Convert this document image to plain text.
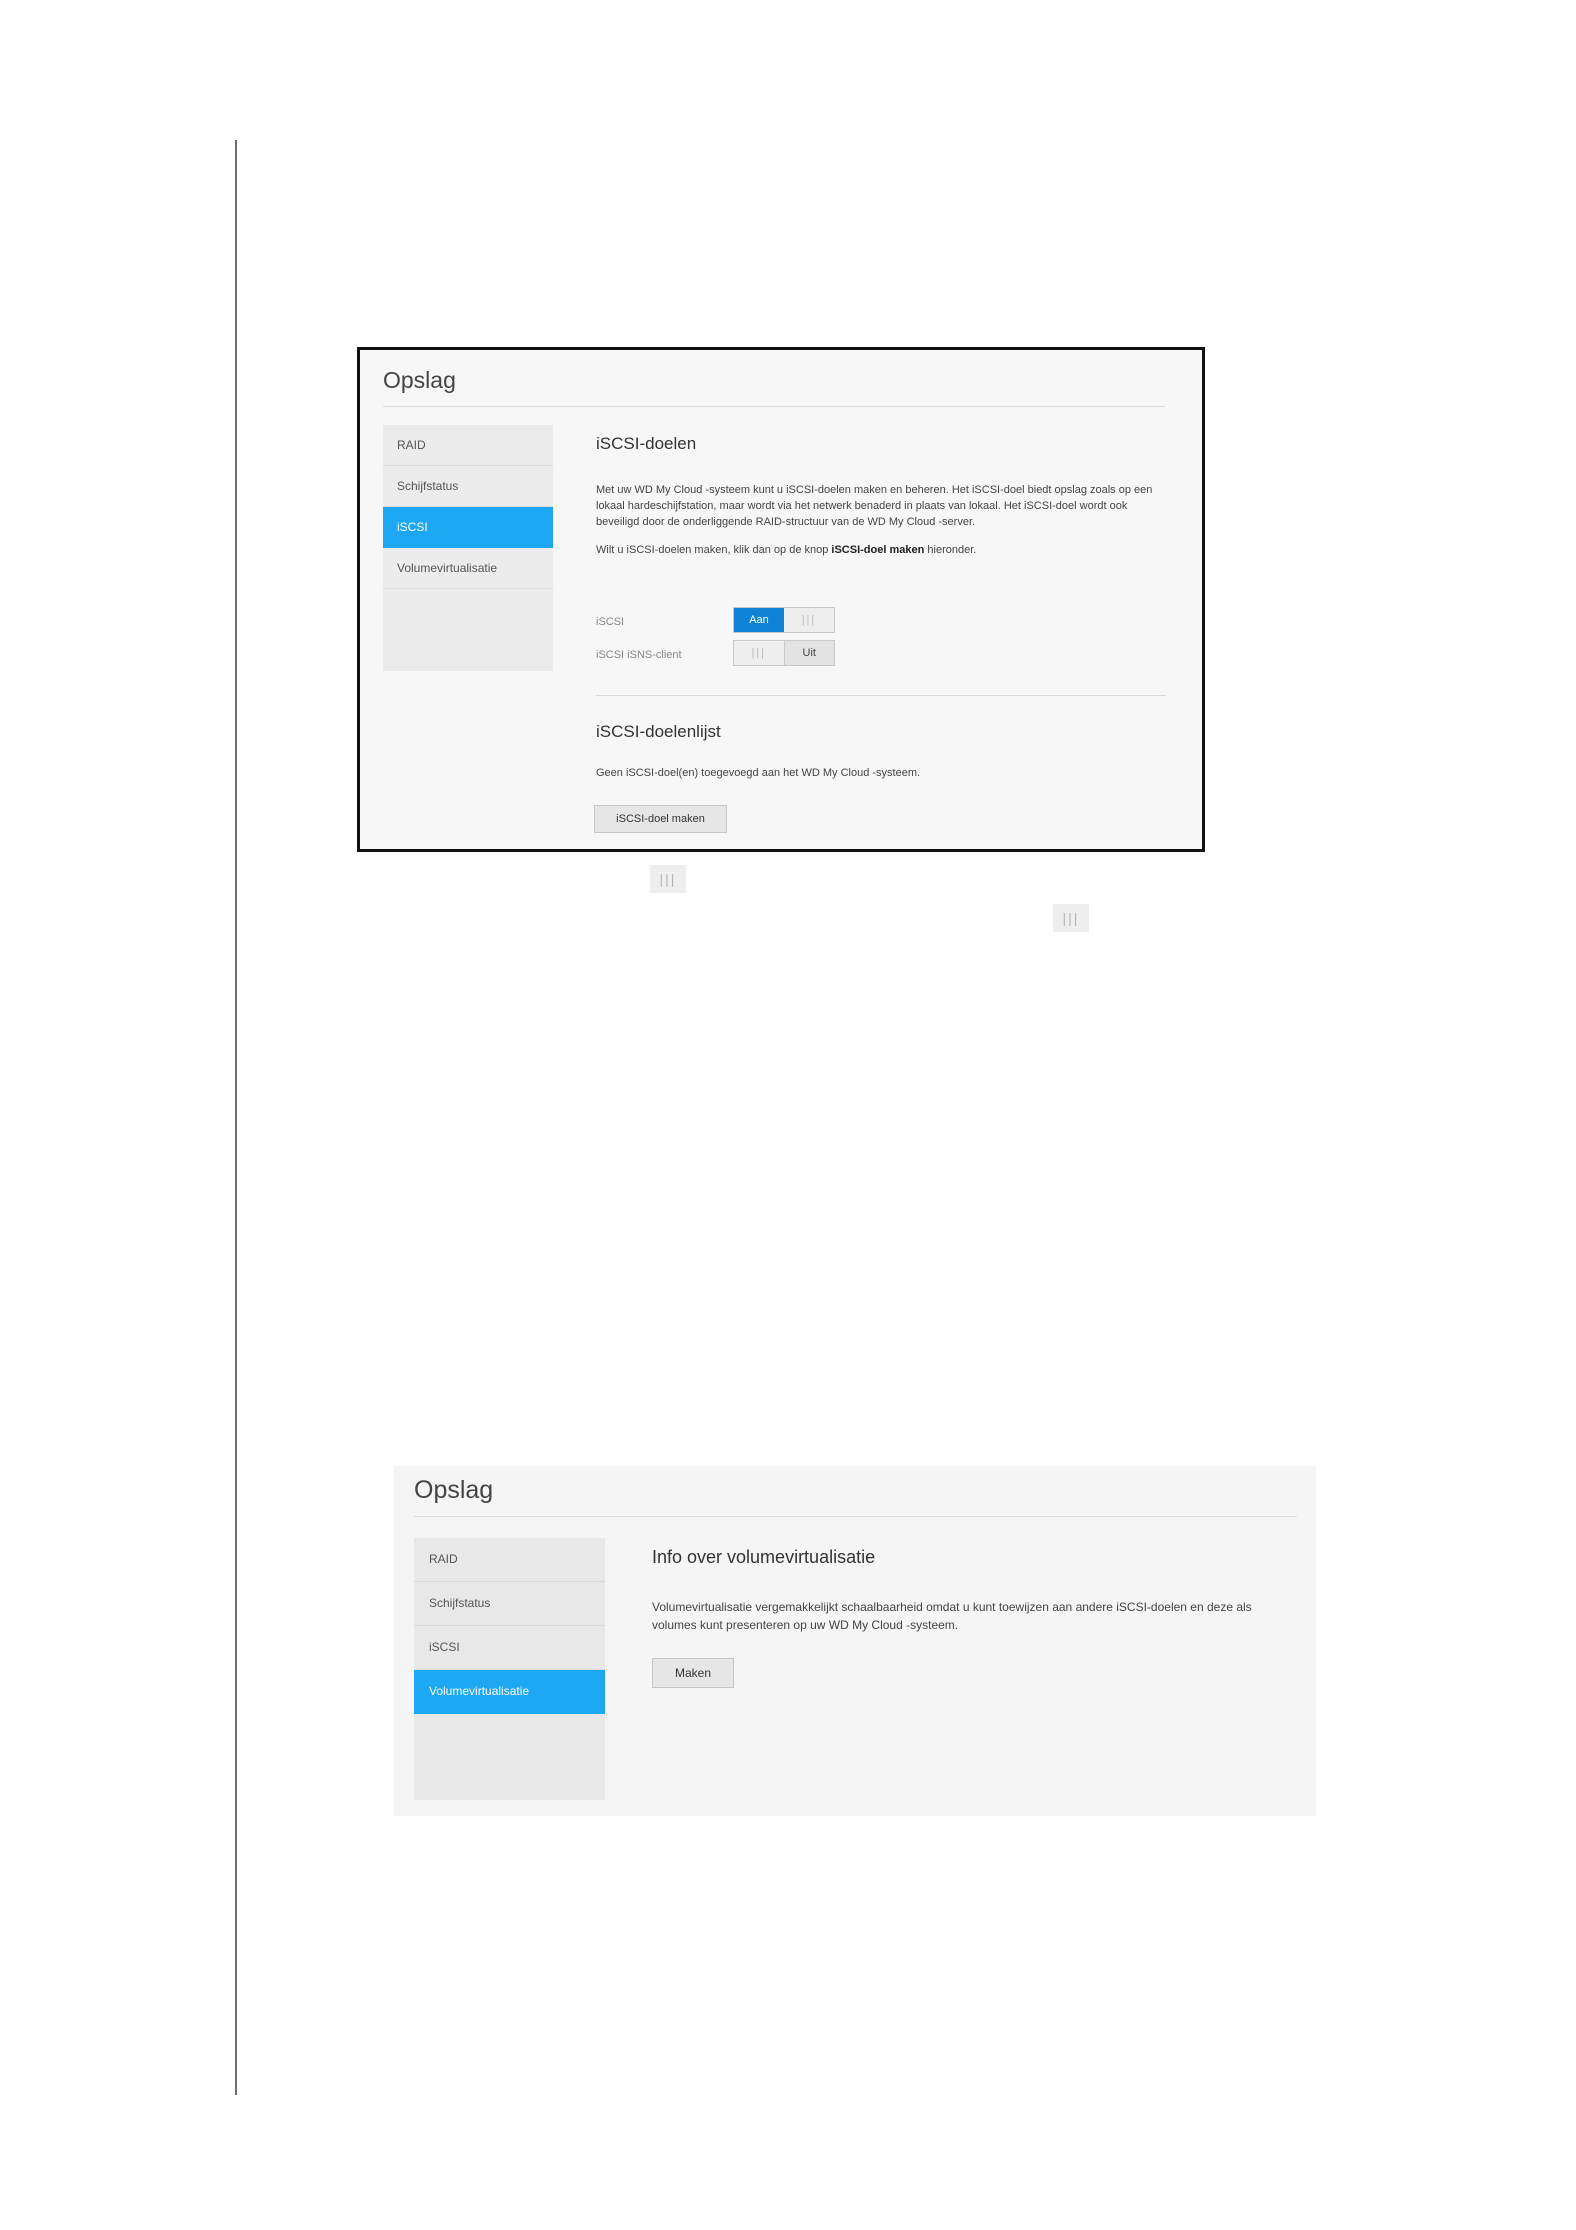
Opslag
RAID
Schijfstatus
iSCSI
Volumevirtualisatie
iSCSI-doelen
Met uw WD My Cloud -systeem kunt u iSCSI-doelen maken en beheren. Het iSCSI-doel biedt opslag zoals op een lokaal hardeschijfstation, maar wordt via het netwerk benaderd in plaats van lokaal. Het iSCSI-doel wordt ook beveiligd door de onderliggende RAID-structuur van de WD My Cloud -server.
Wilt u iSCSI-doelen maken, klik dan op de knop iSCSI-doel maken hieronder.
iSCSI	Aan	|||
iSCSI iSNS-client	|||	Uit
iSCSI-doelenlijst
Geen iSCSI-doel(en) toegevoegd aan het WD My Cloud -systeem.
iSCSI-doel maken
|||
|||
Opslag
RAID
Schijfstatus
iSCSI
Volumevirtualisatie
Info over volumevirtualisatie
Volumevirtualisatie vergemakkelijkt schaalbaarheid omdat u kunt toewijzen aan andere iSCSI-doelen en deze als volumes kunt presenteren op uw WD My Cloud -systeem.
Maken
